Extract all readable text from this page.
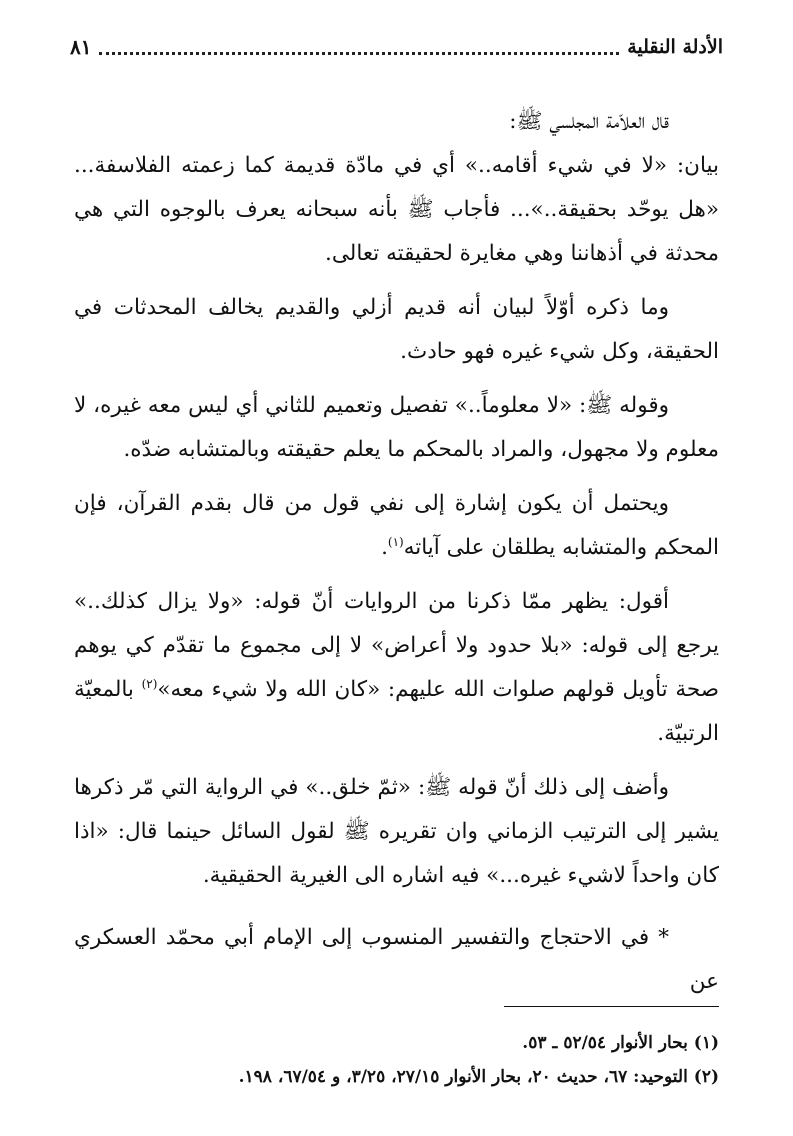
الأدلة النقلية
٨١

قال العلاّمة المجلسي ﷺ:

بيان: «لا في شيء أقامه..» أي في مادّة قديمة كما زعمته الفلاسفة... «هل يوحّد بحقيقة..»... فأجاب ﷺ بأنه سبحانه يعرف بالوجوه التي هي محدثة في أذهاننا وهي مغايرة لحقيقته تعالى.

وما ذكره أوّلاً لبيان أنه قديم أزلي والقديم يخالف المحدثات في الحقيقة، وكل شيء غيره فهو حادث.

وقوله ﷺ: «لا معلوماً..» تفصيل وتعميم للثاني أي ليس معه غيره، لا معلوم ولا مجهول، والمراد بالمحكم ما يعلم حقيقته وبالمتشابه ضدّه.

ويحتمل أن يكون إشارة إلى نفي قول من قال بقدم القرآن، فإن المحكم والمتشابه يطلقان على آياته$^{(١)}$.

أقول: يظهر ممّا ذكرنا من الروايات أنّ قوله: «ولا يزال كذلك..» يرجع إلى قوله: «بلا حدود ولا أعراض» لا إلى مجموع ما تقدّم كي يوهم صحة تأويل قولهم صلوات الله عليهم: «كان الله ولا شيء معه»$^{(٢)}$ بالمعيّة الرتبيّة.

وأضف إلى ذلك أنّ قوله ﷺ: «ثمّ خلق..» في الرواية التي مّر ذكرها يشير إلى الترتيب الزماني وان تقريره ﷺ لقول السائل حينما قال: «اذا كان واحداً لاشيء غيره...» فيه اشاره الى الغيرية الحقيقية.

* في الاحتجاج والتفسير المنسوب إلى الإمام أبي محمّد العسكري عن

(١) بحار الأنوار ٥٢/٥٤ ـ ٥٣.
(٢) التوحيد: ٦٧، حديث ٢٠، بحار الأنوار ٢٧/١٥، ٣/٢٥، و ٦٧/٥٤، ١٩٨.
